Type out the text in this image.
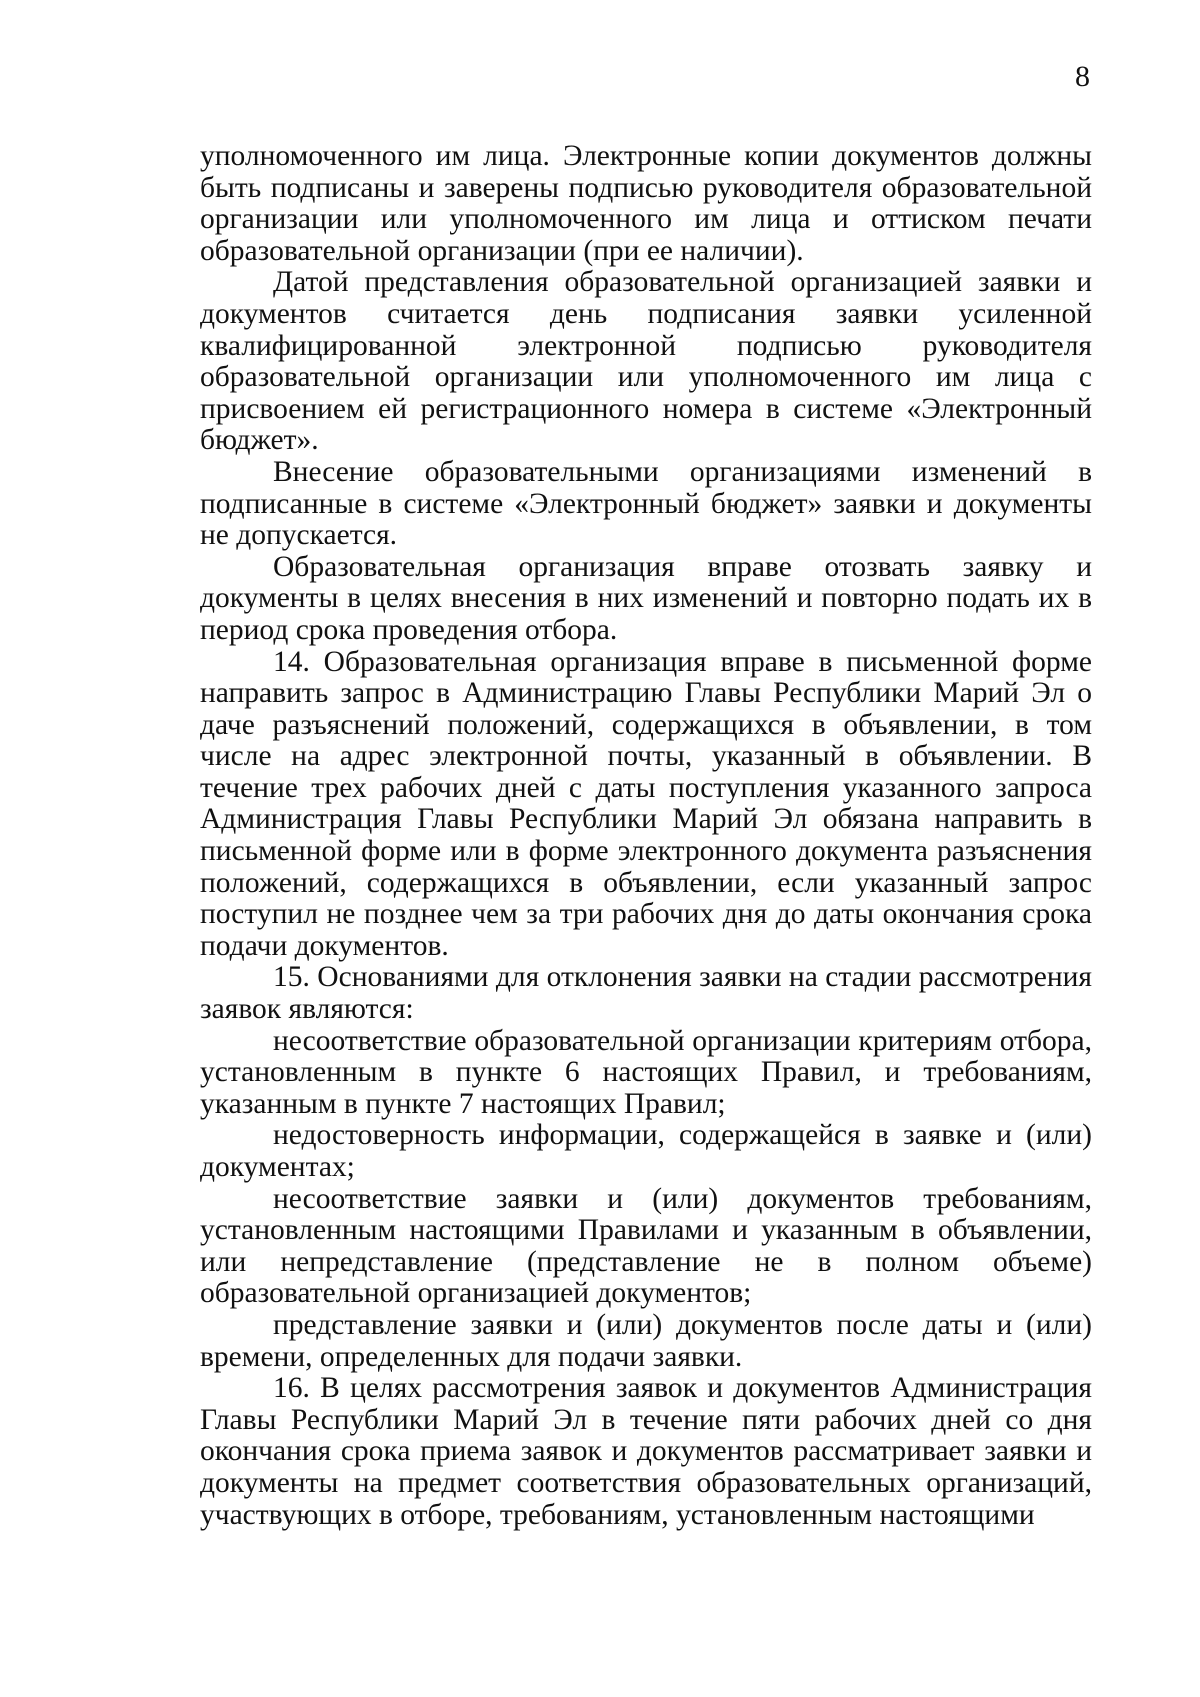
8

уполномоченного им лица. Электронные копии документов должны быть подписаны и заверены подписью руководителя образовательной организации или уполномоченного им лица и оттиском печати образовательной организации (при ее наличии).

Датой представления образовательной организацией заявки и документов считается день подписания заявки усиленной квалифицированной электронной подписью руководителя образовательной организации или уполномоченного им лица с присвоением ей регистрационного номера в системе «Электронный бюджет».

Внесение образовательными организациями изменений в подписанные в системе «Электронный бюджет» заявки и документы не допускается.

Образовательная организация вправе отозвать заявку и документы в целях внесения в них изменений и повторно подать их в период срока проведения отбора.

14. Образовательная организация вправе в письменной форме направить запрос в Администрацию Главы Республики Марий Эл о даче разъяснений положений, содержащихся в объявлении, в том числе на адрес электронной почты, указанный в объявлении. В течение трех рабочих дней с даты поступления указанного запроса Администрация Главы Республики Марий Эл обязана направить в письменной форме или в форме электронного документа разъяснения положений, содержащихся в объявлении, если указанный запрос поступил не позднее чем за три рабочих дня до даты окончания срока подачи документов.

15. Основаниями для отклонения заявки на стадии рассмотрения заявок являются:

несоответствие образовательной организации критериям отбора, установленным в пункте 6 настоящих Правил, и требованиям, указанным в пункте 7 настоящих Правил;

недостоверность информации, содержащейся в заявке и (или) документах;

несоответствие заявки и (или) документов требованиям, установленным настоящими Правилами и указанным в объявлении, или непредставление (представление не в полном объеме) образовательной организацией документов;

представление заявки и (или) документов после даты и (или) времени, определенных для подачи заявки.

16. В целях рассмотрения заявок и документов Администрация Главы Республики Марий Эл в течение пяти рабочих дней со дня окончания срока приема заявок и документов рассматривает заявки и документы на предмет соответствия образовательных организаций, участвующих в отборе, требованиям, установленным настоящими
